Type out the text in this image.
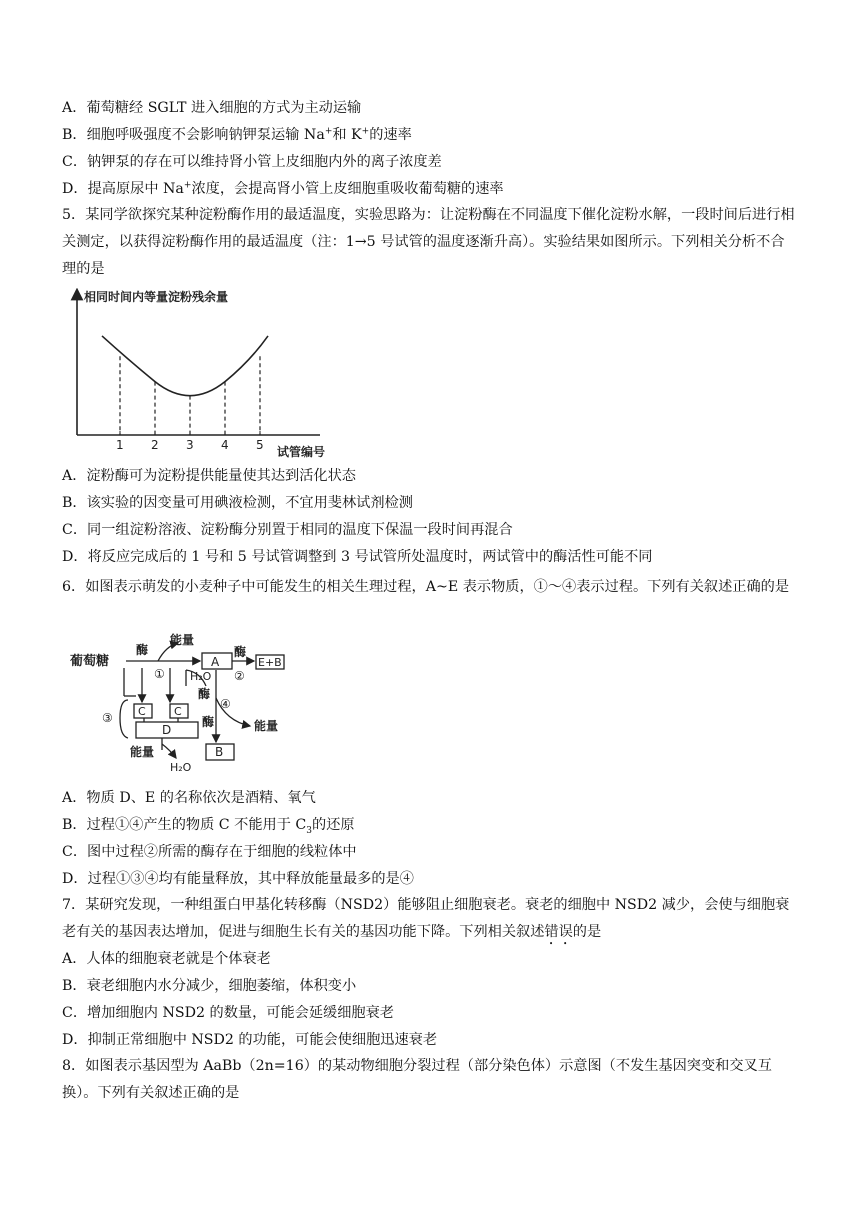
A．葡萄糖经 SGLT 进入细胞的方式为主动运输
B．细胞呼吸强度不会影响钠钾泵运输 Na+和 K+的速率
C．钠钾泵的存在可以维持肾小管上皮细胞内外的离子浓度差
D．提高原尿中 Na+浓度，会提高肾小管上皮细胞重吸收葡萄糖的速率
5．某同学欲探究某种淀粉酶作用的最适温度，实验思路为：让淀粉酶在不同温度下催化淀粉水解，一段时间后进行相关测定，以获得淀粉酶作用的最适温度（注：1→5 号试管的温度逐渐升高）。实验结果如图所示。下列相关分析不合理的是
相同时间内等量淀粉残余量
试管编号
1 2 3 4 5
A．淀粉酶可为淀粉提供能量使其达到活化状态
B．该实验的因变量可用碘液检测，不宜用斐林试剂检测
C．同一组淀粉溶液、淀粉酶分别置于相同的温度下保温一段时间再混合
D．将反应完成后的 1 号和 5 号试管调整到 3 号试管所处温度时，两试管中的酶活性可能不同
6．如图表示萌发的小麦种子中可能发生的相关生理过程，A~E 表示物质，①～④表示过程。下列有关叙述正确的是
葡萄糖
酶
能量
①
A
酶
E+B
H₂O ②
酶
④
酶	能量
C	C
③
D
B
能量
H₂O
A．物质 D、E 的名称依次是酒精、氧气
B．过程①④产生的物质 C 不能用于 $C_3$的还原
C．图中过程②所需的酶存在于细胞的线粒体中
D．过程①③④均有能量释放，其中释放能量最多的是④
7．某研究发现，一种组蛋白甲基化转移酶（NSD2）能够阻止细胞衰老。衰老的细胞中 NSD2 减少，会使与细胞衰老有关的基因表达增加，促进与细胞生长有关的基因功能下降。下列相关叙述错误的是
A．人体的细胞衰老就是个体衰老
B．衰老细胞内水分减少，细胞萎缩，体积变小
C．增加细胞内 NSD2 的数量，可能会延缓细胞衰老
D．抑制正常细胞中 NSD2 的功能，可能会使细胞迅速衰老
8．如图表示基因型为 AaBb（2n=16）的某动物细胞分裂过程（部分染色体）示意图（不发生基因突变和交叉互换）。下列有关叙述正确的是
